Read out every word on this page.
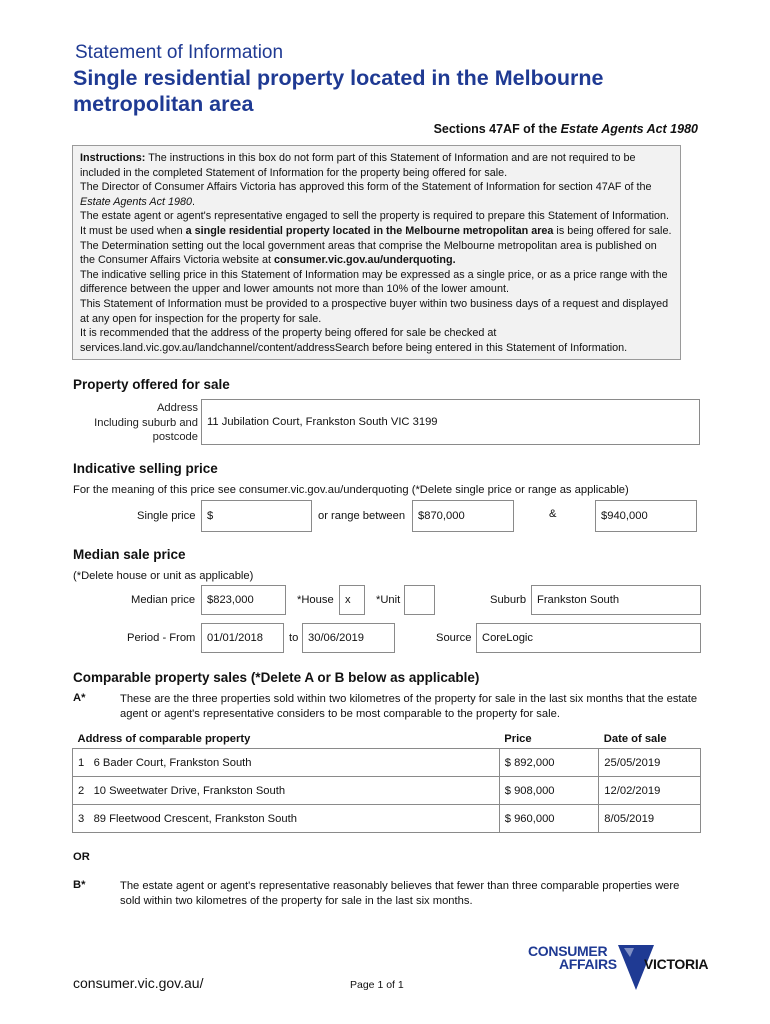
Statement of Information
Single residential property located in the Melbourne metropolitan area
Sections 47AF of the Estate Agents Act 1980

Instructions: The instructions in this box do not form part of this Statement of Information and are not required to be included in the completed Statement of Information for the property being offered for sale.

The Director of Consumer Affairs Victoria has approved this form of the Statement of Information for section 47AF of the Estate Agents Act 1980.

The estate agent or agent's representative engaged to sell the property is required to prepare this Statement of Information. It must be used when a single residential property located in the Melbourne metropolitan area is being offered for sale. The Determination setting out the local government areas that comprise the Melbourne metropolitan area is published on the Consumer Affairs Victoria website at consumer.vic.gov.au/underquoting.

The indicative selling price in this Statement of Information may be expressed as a single price, or as a price range with the difference between the upper and lower amounts not more than 10% of the lower amount.

This Statement of Information must be provided to a prospective buyer within two business days of a request and displayed at any open for inspection for the property for sale.

It is recommended that the address of the property being offered for sale be checked at services.land.vic.gov.au/landchannel/content/addressSearch before being entered in this Statement of Information.

Property offered for sale
Address
Including suburb and
postcode
11 Jubilation Court, Frankston South VIC 3199
Indicative selling price
For the meaning of this price see consumer.vic.gov.au/underquoting (*Delete single price or range as applicable)
Single price	$	or range between	$870,000	&	$940,000
Median sale price
(*Delete house or unit as applicable)
Median price	$823,000	*House	x	*Unit	Suburb Frankston South
Period - From	01/01/2018	to 30/06/2019	Source CoreLogic
Comparable property sales (*Delete A or B below as applicable)
A*	These are the three properties sold within two kilometres of the property for sale in the last six months that the estate agent or agent's representative considers to be most comparable to the property for sale.
Address of comparable property	Price	Date of sale
1 6 Bader Court, Frankston South	$ 892,000	25/05/2019
2 10 Sweetwater Drive, Frankston South	$ 908,000	12/02/2019
3 89 Fleetwood Crescent, Frankston South	$ 960,000	8/05/2019
OR
B*	The estate agent or agent's representative reasonably believes that fewer than three comparable properties were sold within two kilometres of the property for sale in the last six months.
consumer.vic.gov.au/	Page 1 of 1
CONSUMER
AFFAIRS VICTORIA
